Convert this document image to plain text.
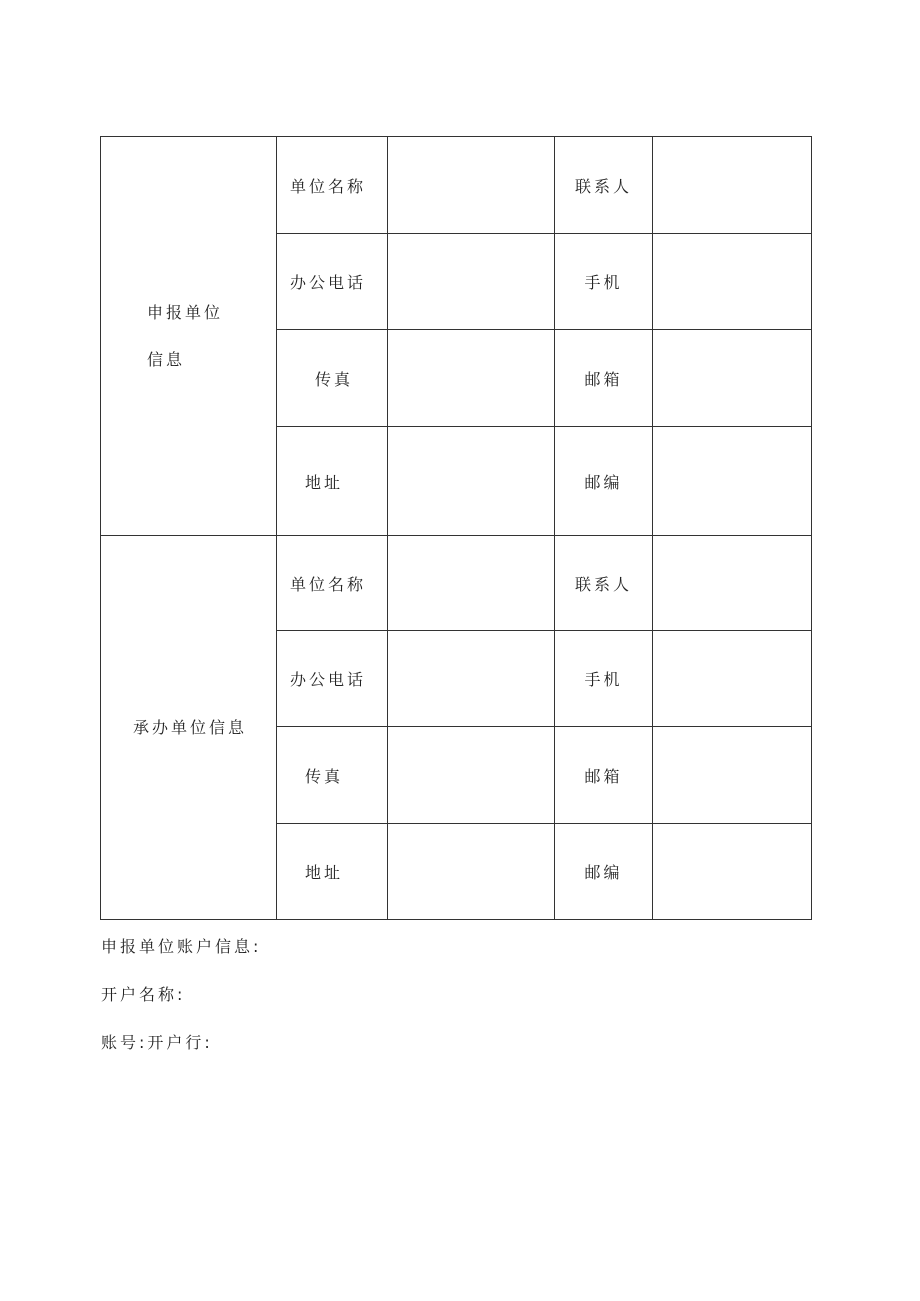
申报单位
信息	单位名称		联系人	
	办公电话		手机	
	传真		邮箱	
	地址		邮编	

承办单位信息	单位名称		联系人	
	办公电话		手机	
	传真		邮箱	
	地址		邮编	

申报单位账户信息:

开户名称:

账号:开户行:
